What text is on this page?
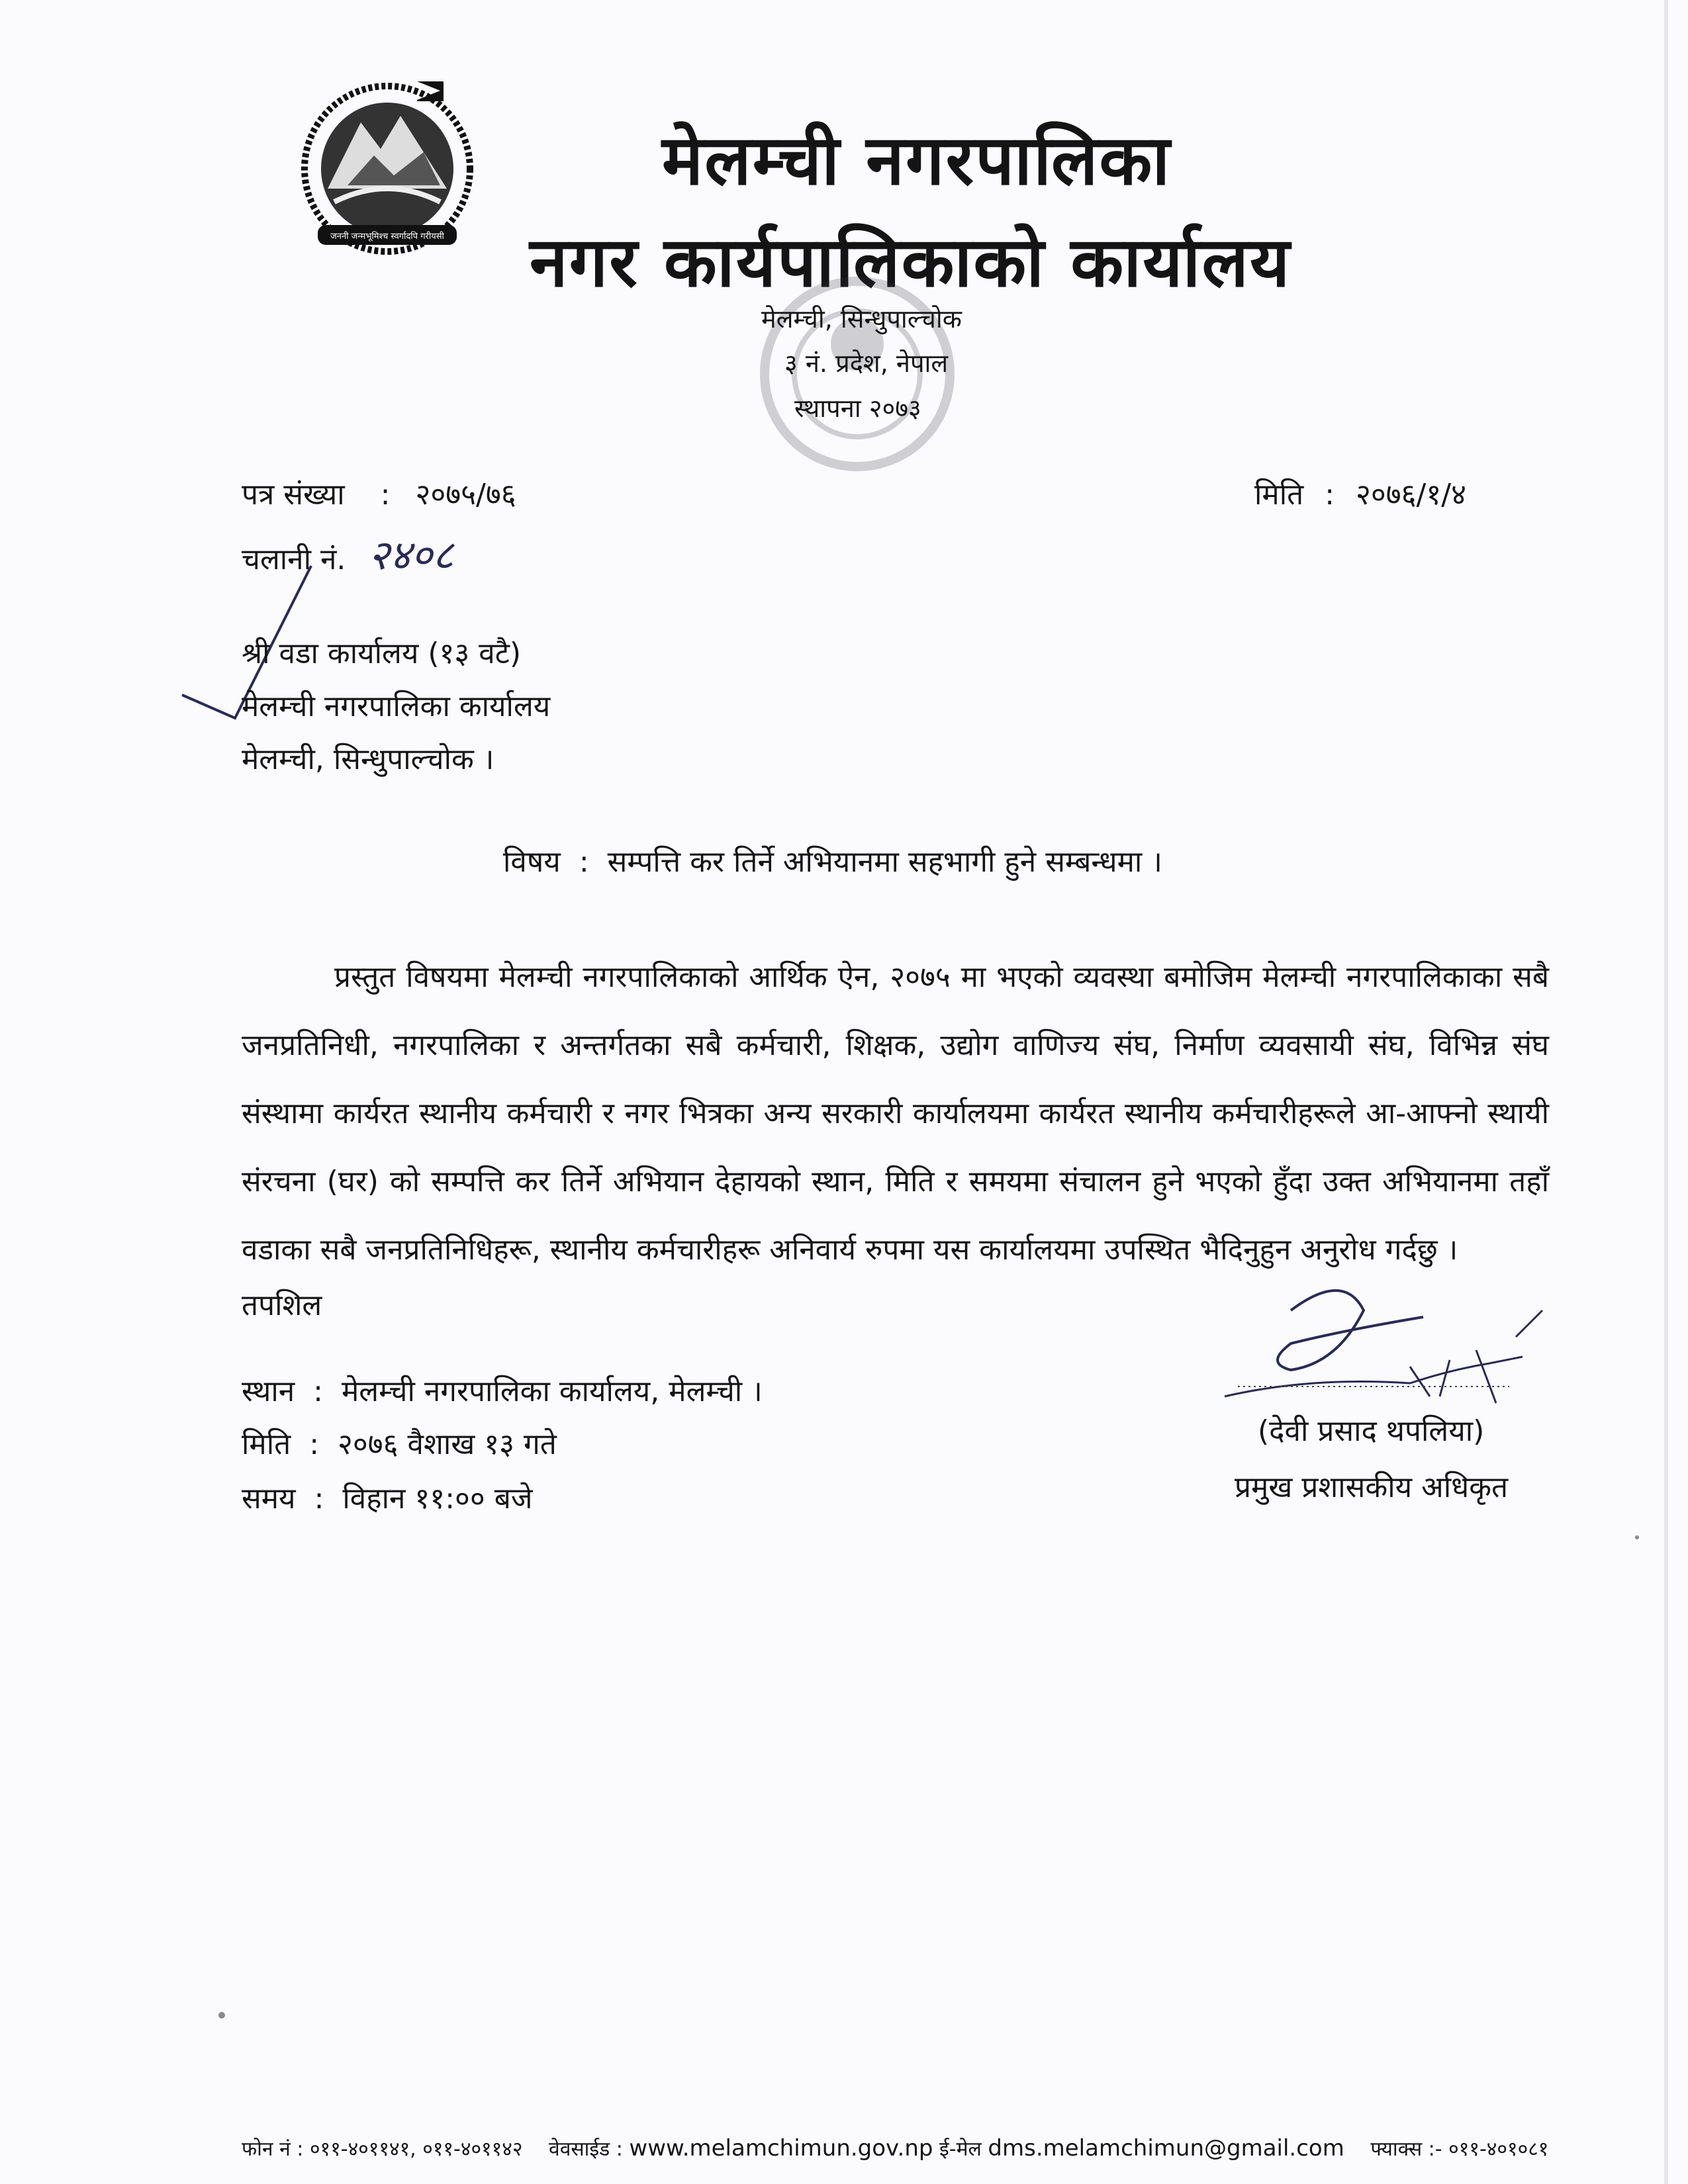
जननी जन्मभूमिश्च स्वर्गादपि गरीयसी
मेलम्ची नगरपालिका
नगर कार्यपालिकाको कार्यालय
मेलम्ची, सिन्धुपाल्चोक
३ नं. प्रदेश, नेपाल
स्थापना २०७३
पत्र संख्या : २०७५/७६
चलानी नं. २४०८
मिति : २०७६/१/४
श्री वडा कार्यालय (१३ वटै)
मेलम्ची नगरपालिका कार्यालय
मेलम्ची, सिन्धुपाल्चोक ।
विषय : सम्पत्ति कर तिर्ने अभियानमा सहभागी हुने सम्बन्धमा ।
प्रस्तुत विषयमा मेलम्ची नगरपालिकाको आर्थिक ऐन, २०७५ मा भएको व्यवस्था बमोजिम मेलम्ची नगरपालिकाका सबै जनप्रतिनिधी, नगरपालिका र अन्तर्गतका सबै कर्मचारी, शिक्षक, उद्योग वाणिज्य संघ, निर्माण व्यवसायी संघ, विभिन्न संघ संस्थामा कार्यरत स्थानीय कर्मचारी र नगर भित्रका अन्य सरकारी कार्यालयमा कार्यरत स्थानीय कर्मचारीहरूले आ-आफ्नो स्थायी संरचना (घर) को सम्पत्ति कर तिर्ने अभियान देहायको स्थान, मिति र समयमा संचालन हुने भएको हुँदा उक्त अभियानमा तहाँ वडाका सबै जनप्रतिनिधिहरू, स्थानीय कर्मचारीहरू अनिवार्य रुपमा यस कार्यालयमा उपस्थित भैदिनुहुन अनुरोध गर्दछु ।
तपशिल
स्थान : मेलम्ची नगरपालिका कार्यालय, मेलम्ची ।
मिति : २०७६ वैशाख १३ गते
समय : विहान ११:०० बजे
(देवी प्रसाद थपलिया)
प्रमुख प्रशासकीय अधिकृत
फोन नं : ०११-४०११४१, ०११-४०११४२ वेवसाईड : www.melamchimun.gov.np ई-मेल dms.melamchimun@gmail.com फ्याक्स :- ०११-४०१०८१
